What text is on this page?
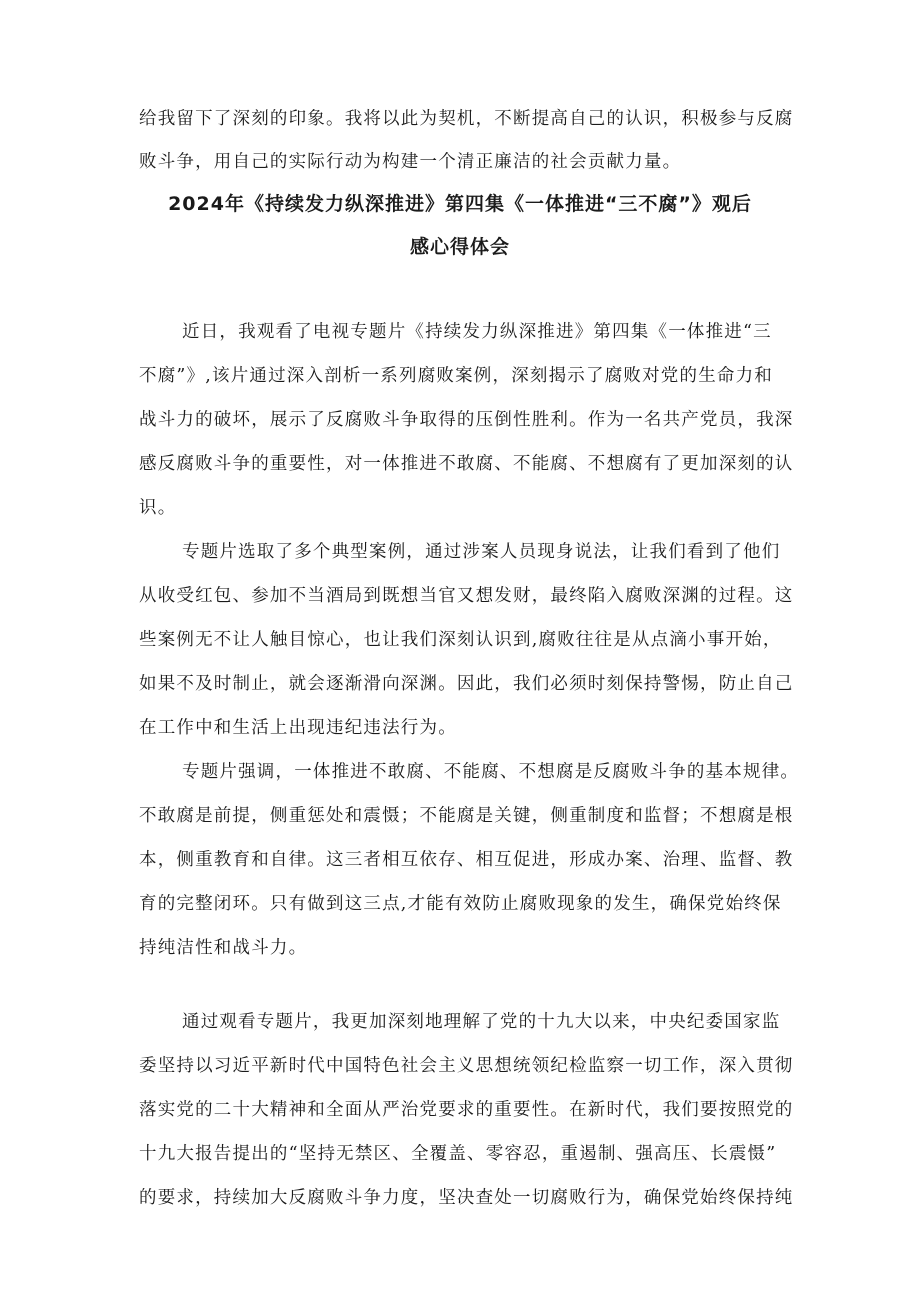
给我留下了深刻的印象。我将以此为契机，不断提高自己的认识，积极参与反腐
败斗争，用自己的实际行动为构建一个清正廉洁的社会贡献力量。
2024年《持续发力纵深推进》第四集《一体推进“三不腐”》观后
感心得体会
近日，我观看了电视专题片《持续发力纵深推进》第四集《一体推进“三
不腐”》,该片通过深入剖析一系列腐败案例，深刻揭示了腐败对党的生命力和
战斗力的破坏，展示了反腐败斗争取得的压倒性胜利。作为一名共产党员，我深
感反腐败斗争的重要性，对一体推进不敢腐、不能腐、不想腐有了更加深刻的认
识。
专题片选取了多个典型案例，通过涉案人员现身说法，让我们看到了他们
从收受红包、参加不当酒局到既想当官又想发财，最终陷入腐败深渊的过程。这
些案例无不让人触目惊心，也让我们深刻认识到,腐败往往是从点滴小事开始，
如果不及时制止，就会逐渐滑向深渊。因此，我们必须时刻保持警惕，防止自己
在工作中和生活上出现违纪违法行为。
专题片强调，一体推进不敢腐、不能腐、不想腐是反腐败斗争的基本规律。
不敢腐是前提，侧重惩处和震慑；不能腐是关键，侧重制度和监督；不想腐是根
本，侧重教育和自律。这三者相互依存、相互促进，形成办案、治理、监督、教
育的完整闭环。只有做到这三点,才能有效防止腐败现象的发生，确保党始终保
持纯洁性和战斗力。
通过观看专题片，我更加深刻地理解了党的十九大以来，中央纪委国家监
委坚持以习近平新时代中国特色社会主义思想统领纪检监察一切工作，深入贯彻
落实党的二十大精神和全面从严治党要求的重要性。在新时代，我们要按照党的
十九大报告提出的“坚持无禁区、全覆盖、零容忍，重遏制、强高压、长震慑”
的要求，持续加大反腐败斗争力度，坚决查处一切腐败行为，确保党始终保持纯
